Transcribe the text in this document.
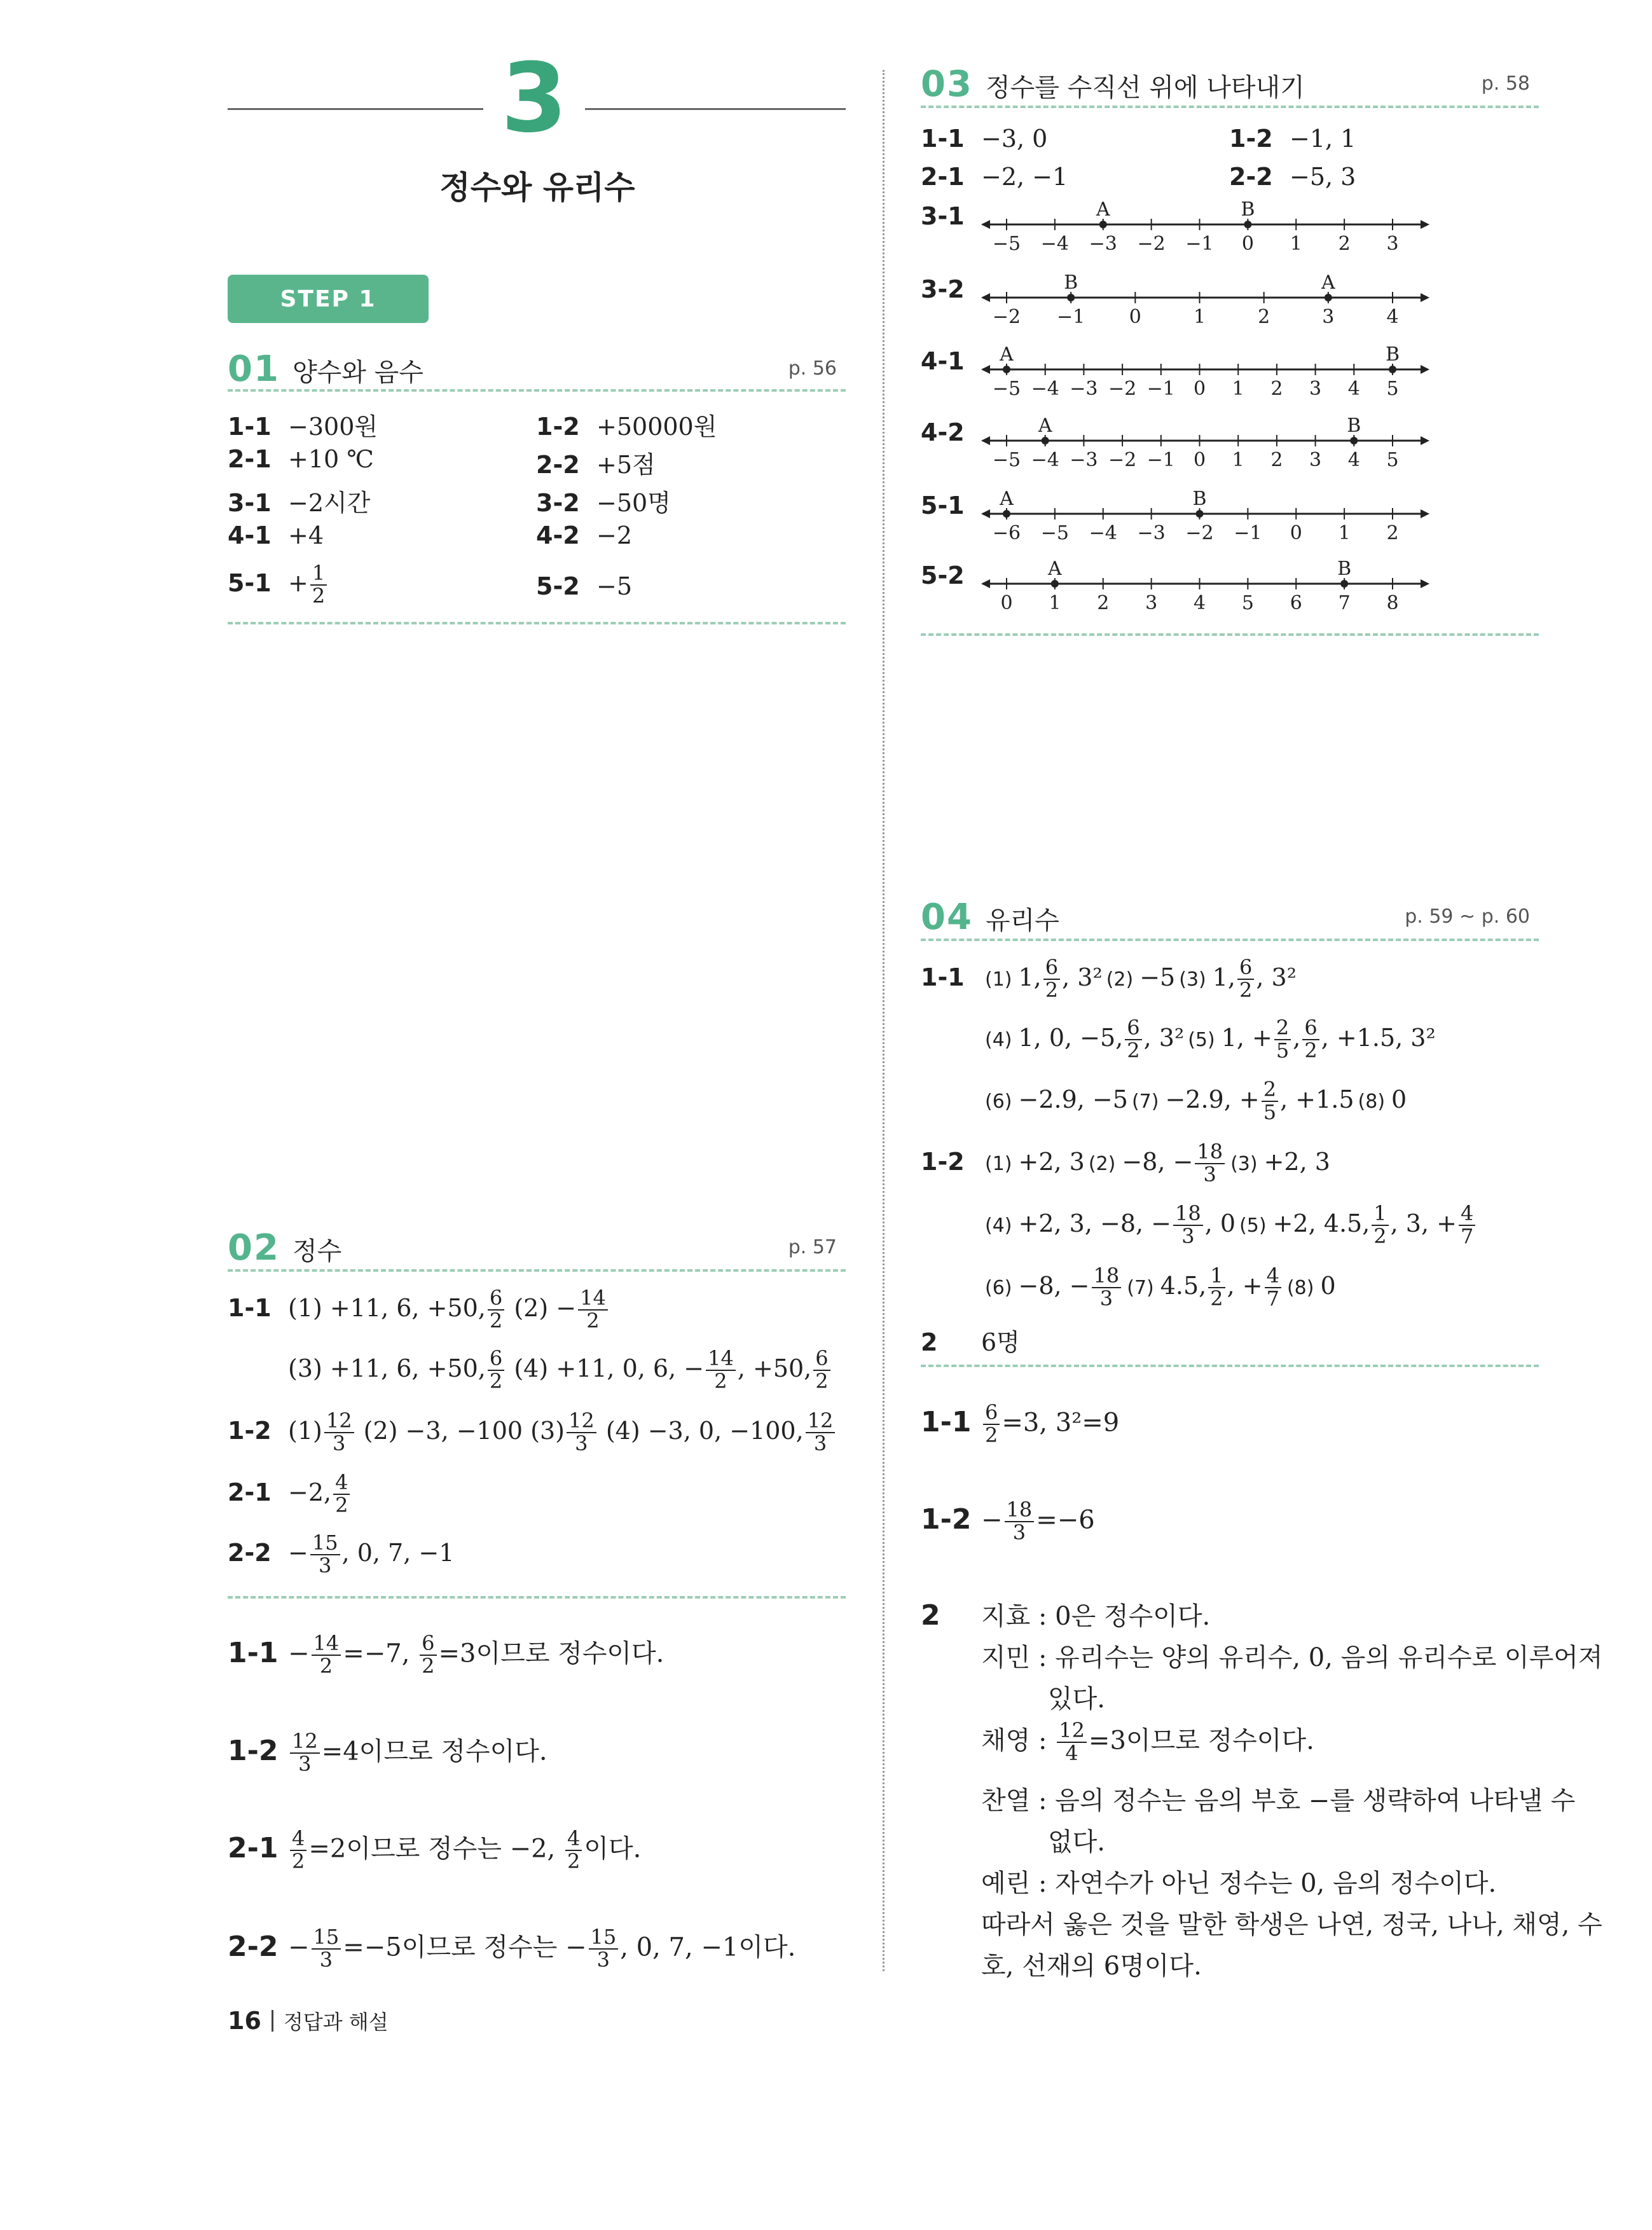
3
정수와 유리수
STEP 1
01 양수와 음수	p. 56
1-1 −300원	1-2 +50000원
2-1 +10 ℃	2-2 +5점
3-1 −2시간	3-2 −50명
4-1 +4	4-2 −2
$5-1 + \frac{1}{2}$	5-2 −5
02 정수	p. 57
1-1 (1) +11, 6, +50, $\frac{6}{2} (2) - \frac{14}{2}$
(3) +11, 6, +50, $\frac{6}{2} (4) +11$, 0, 6, − $\frac{14}{2}$ , +50, $\frac{6}{2}$
1-2 $(1) \frac{12}{3} (2) -3$, −100 $(3) \frac{12}{3} (4) -3$, 0, −100, $\frac{12}{3}$
2-1 −2, $\frac{4}{2}$
$2-2 - \frac{15}{3}$ , 0, 7, −1
$1-1 - \frac{14}{2} =-7$, $\frac{6}{2} =3$이므로 정수이다.
$1-2 \frac{12}{3} =4$이므로 정수이다.
$2-1 \frac{4}{2} =2$이므로 정수는 −2, $\frac{4}{2}$ 이다.
$2-2 - \frac{15}{3} =-5$이므로 정수는 − $\frac{15}{3}$ , 0, 7, −1이다.
16 정답과 해설
03 정수를 수직선 위에 나타내기	p. 58
1-1 −3, 0	1-2 −1, 1
2-1 −2, −1	2-2 −5, 3
3-1
−5 −4 −3 −2 −1 0 1 2 3
A	B
3-2
−2 −1 0	1	2	3	4
A
B
4-1
−5 −4 −3 −2 −1 0 1 2 3 4 5
A	B
4-2
−5 −4 −3 −2 −1 0 1 2 3 4 5
A	B
5-1
−6 −5 −4 −3 −2 −1 0 1 2
A	B
5-2
0 1 2 3 4 5 6 7 8
A	B
04 유리수	p. 59 ~ p. 60
1-1 (1) 1, $\frac{6}{2}$ , 3² (2) −5 (3) 1, $\frac{6}{2}$ , 3²
(4) 1, 0, −5, $\frac{6}{2}$ , 3² (5) 1, + $\frac{2}{5}$ , $\frac{6}{2}$ , +1.5, 3²
(6) −2.9, −5 (7) −2.9, + $\frac{2}{5}$ , +1.5 (8) 0
1-2 (1) +2, 3 (2) −8, − $\frac{18}{3} (3) +2$, 3
(4) +2, 3, −8, − $\frac{18}{3}$ , 0 (5) +2, 4.5, $\frac{1}{2}$ , 3, + $\frac{4}{7}$
(6) −8, − $\frac{18}{3} (7)$ 4.5, $\frac{1}{2}$ , + $\frac{4}{7} (8)$ 0
2 6명
$1-1 \frac{6}{2} =3$, 3²=9
$1-2 - \frac{18}{3} =-6$
2 지효 : 0은 정수이다.
지민 : 유리수는 양의 유리수, 0, 음의 유리수로 이루어져
있다.
채영 : $\frac{12}{4} =3$이므로 정수이다.
찬열 : 음의 정수는 음의 부호 −를 생략하여 나타낼 수
없다.
예린 : 자연수가 아닌 정수는 0, 음의 정수이다.
따라서 옳은 것을 말한 학생은 나연, 정국, 나나, 채영, 수
호, 선재의 6명이다.
